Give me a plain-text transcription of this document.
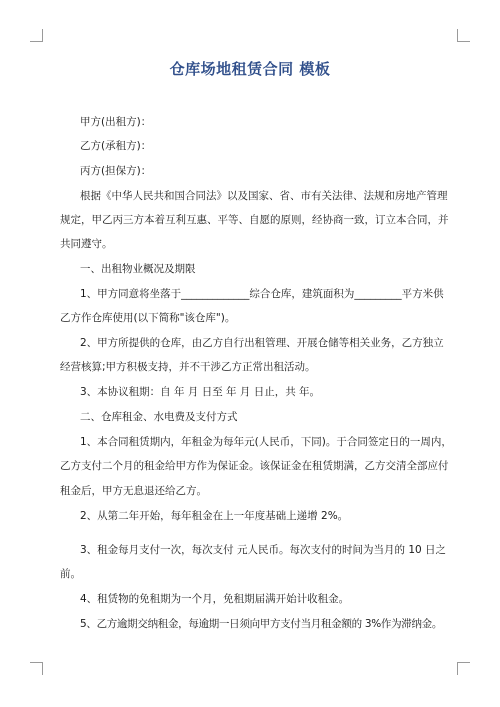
仓库场地租赁合同 模板
甲方(出租方)：
乙方(承租方)：
丙方(担保方)：
根据《中华人民共和国合同法》以及国家、省、市有关法律、法规和房地产管理
规定，甲乙丙三方本着互利互惠、平等、自愿的原则，经协商一致，订立本合同，并
共同遵守。
一、出租物业概况及期限
1、甲方同意将坐落于_____________综合仓库，建筑面积为_________平方米供
乙方作仓库使用(以下简称"该仓库")。
2、甲方所提供的仓库，由乙方自行出租管理、开展仓储等相关业务，乙方独立
经营核算;甲方积极支持，并不干涉乙方正常出租活动。
3、本协议租期：自 年 月 日至 年 月 日止，共 年。
二、仓库租金、水电费及支付方式
1、本合同租赁期内，年租金为每年元(人民币，下同)。于合同签定日的一周内，
乙方支付二个月的租金给甲方作为保证金。该保证金在租赁期满，乙方交清全部应付
租金后，甲方无息退还给乙方。
2、从第二年开始，每年租金在上一年度基础上递增 2%。
3、租金每月支付一次，每次支付 元人民币。每次支付的时间为当月的 10 日之
前。
4、租赁物的免租期为一个月，免租期届满开始计收租金。
5、乙方逾期交纳租金，每逾期一日须向甲方支付当月租金额的 3%作为滞纳金。
